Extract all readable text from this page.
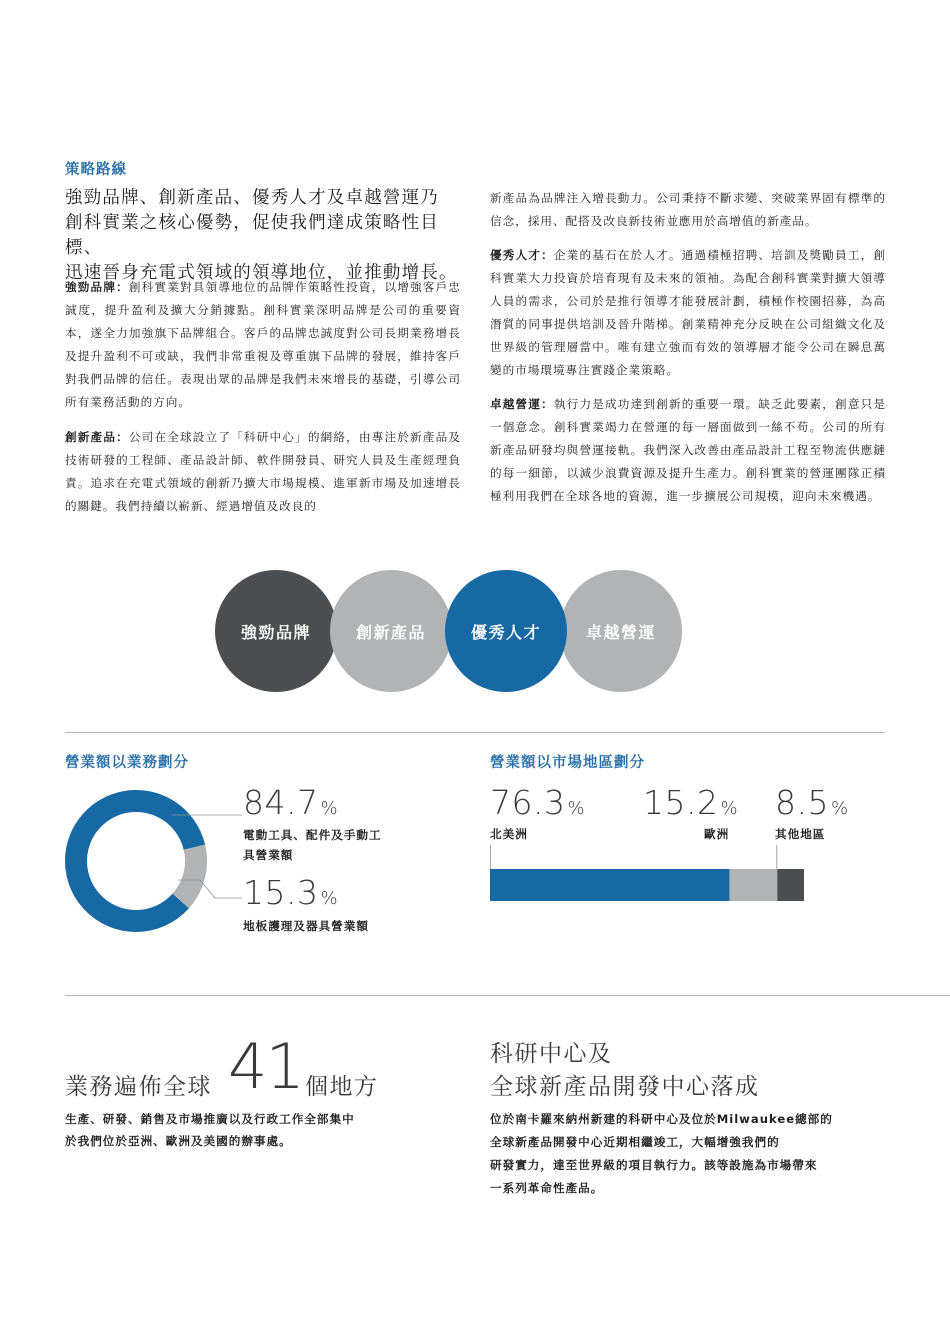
策略路線
強勁品牌、創新產品、優秀人才及卓越營運乃
創科實業之核心優勢，促使我們達成策略性目標、
迅速晉身充電式領域的領導地位，並推動增長。
強勁品牌：創科實業對具領導地位的品牌作策略性投資，以增強客戶忠誠度，提升盈利及擴大分銷據點。創科實業深明品牌是公司的重要資本，遂全力加強旗下品牌組合。客戶的品牌忠誠度對公司長期業務增長及提升盈利不可或缺，我們非常重視及尊重旗下品牌的發展，維持客戶對我們品牌的信任。表現出眾的品牌是我們未來增長的基礎，引導公司所有業務活動的方向。
創新產品：公司在全球設立了「科研中心」的網絡，由專注於新產品及技術研發的工程師、產品設計師、軟件開發員、研究人員及生產經理負責。追求在充電式領域的創新乃擴大市場規模、進軍新市場及加速增長的關鍵。我們持續以嶄新、經過增值及改良的
新產品為品牌注入增長動力。公司秉持不斷求變、突破業界固有標準的信念，採用、配搭及改良新技術並應用於高增值的新產品。
優秀人才：企業的基石在於人才。通過積極招聘、培訓及獎勵員工，創科實業大力投資於培育現有及未來的領袖。為配合創科實業對擴大領導人員的需求，公司於是推行領導才能發展計劃，積極作校園招募，為高潛質的同事提供培訓及晉升階梯。創業精神充分反映在公司組織文化及世界級的管理層當中。唯有建立強而有效的領導層才能令公司在瞬息萬變的市場環境專注實踐企業策略。
卓越營運：執行力是成功達到創新的重要一環。缺乏此要素，創意只是一個意念。創科實業竭力在營運的每一層面做到一絲不苟。公司的所有新產品研發均與營運接軌。我們深入改善由產品設計工程至物流供應鏈的每一細節，以減少浪費資源及提升生產力。創科實業的營運團隊正積極利用我們在全球各地的資源，進一步擴展公司規模，迎向未來機遇。
強勁品牌	創新產品	優秀人才	卓越營運
營業額以業務劃分
84.7 %
電動工具、配件及手動工
具營業額
15.3 %
地板護理及器具營業額
營業額以市場地區劃分
76.3 %
北美洲
15.2 %
歐洲
8.5 %
其他地區
業務遍佈全球 41 個地方
生產、研發、銷售及市場推廣以及行政工作全部集中
於我們位於亞洲、歐洲及美國的辦事處。
科研中心及
全球新產品開發中心落成
位於南卡羅來納州新建的科研中心及位於Milwaukee總部的
全球新產品開發中心近期相繼竣工，大幅增強我們的
研發實力，達至世界級的項目執行力。該等設施為市場帶來
一系列革命性產品。
